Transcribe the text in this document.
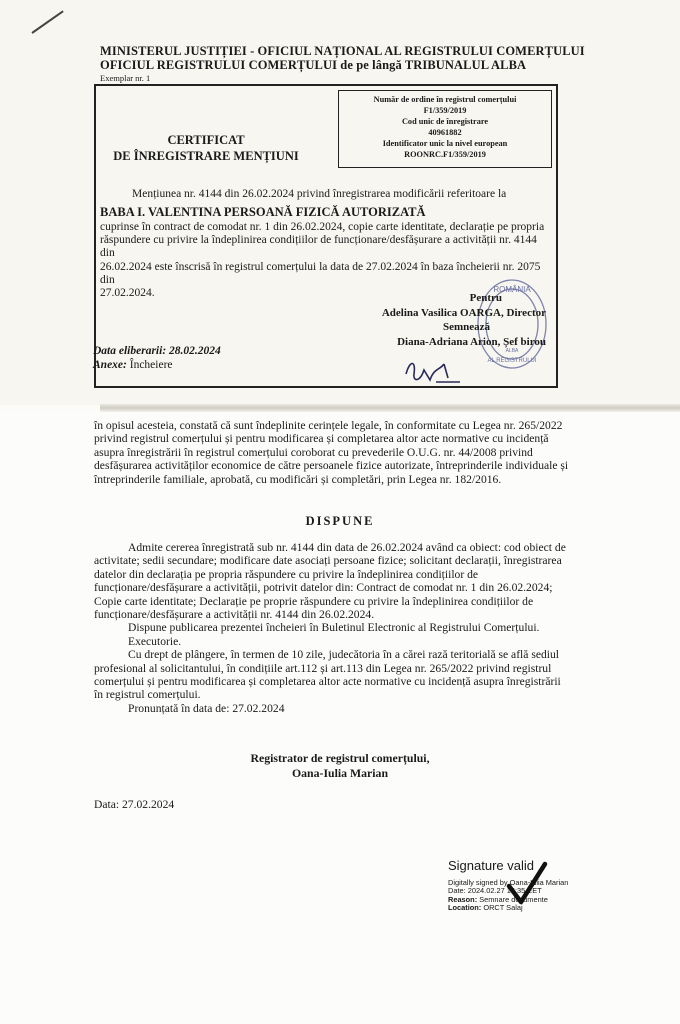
MINISTERUL JUSTIȚIEI - OFICIUL NAȚIONAL AL REGISTRULUI COMERȚULUI
OFICIUL REGISTRULUI COMERȚULUI de pe lângă TRIBUNALUL ALBA
Exemplar nr. 1
Număr de ordine în registrul comerțului
F1/359/2019
Cod unic de înregistrare
40961882
Identificator unic la nivel european
ROONRC.F1/359/2019
CERTIFICAT
DE ÎNREGISTRARE MENȚIUNI
Mențiunea nr. 4144 din 26.02.2024 privind înregistrarea modificării referitoare la
BABA I. VALENTINA PERSOANĂ FIZICĂ AUTORIZATĂ
cuprinse în contract de comodat nr. 1 din 26.02.2024, copie carte identitate, declarație pe propria
răspundere cu privire la îndeplinirea condițiilor de funcționare/desfășurare a activității nr. 4144 din
26.02.2024 este înscrisă în registrul comerțului la data de 27.02.2024 în baza încheierii nr. 2075 din
27.02.2024.	ROMÂNIA
AL REGISTRULUI
ALBA
Pentru
Adelina Vasilica OARGA, Director
Semnează
Diana-Adriana Arion, Șef birou
Data eliberarii: 28.02.2024
Anexe: Încheiere
în opisul acesteia, constată că sunt îndeplinite cerințele legale, în conformitate cu Legea nr. 265/2022
privind registrul comerțului și pentru modificarea și completarea altor acte normative cu incidență
asupra înregistrării în registrul comerțului coroborat cu prevederile O.U.G. nr. 44/2008 privind
desfășurarea activităților economice de către persoanele fizice autorizate, întreprinderile individuale și
întreprinderile familiale, aprobată, cu modificări și completări, prin Legea nr. 182/2016.
DISPUNE
Admite cererea înregistrată sub nr. 4144 din data de 26.02.2024 având ca obiect: cod obiect de
activitate; sedii secundare; modificare date asociați persoane fizice; solicitant declarații, înregistrarea
datelor din declarația pe propria răspundere cu privire la îndeplinirea condițiilor de
funcționare/desfășurare a activității, potrivit datelor din: Contract de comodat nr. 1 din 26.02.2024;
Copie carte identitate; Declarație pe proprie răspundere cu privire la îndeplinirea condițiilor de
funcționare/desfășurare a activității nr. 4144 din 26.02.2024.
Dispune publicarea prezentei încheieri în Buletinul Electronic al Registrului Comerțului.
Executorie.
Cu drept de plângere, în termen de 10 zile, judecătoria în a cărei rază teritorială se află sediul
profesional al solicitantului, în condițiile art.112 și art.113 din Legea nr. 265/2022 privind registrul
comerțului și pentru modificarea și completarea altor acte normative cu incidență asupra înregistrării
în registrul comerțului.
Pronunțată în data de: 27.02.2024
Registrator de registrul comerțului,
Oana-Iulia Marian
Data: 27.02.2024
Signature valid
Digitally signed by Oana-Iulia Marian
Date: 2024.02.27 15:35 EET
Reason: Semnare documente
Location: ORCT Salaj
